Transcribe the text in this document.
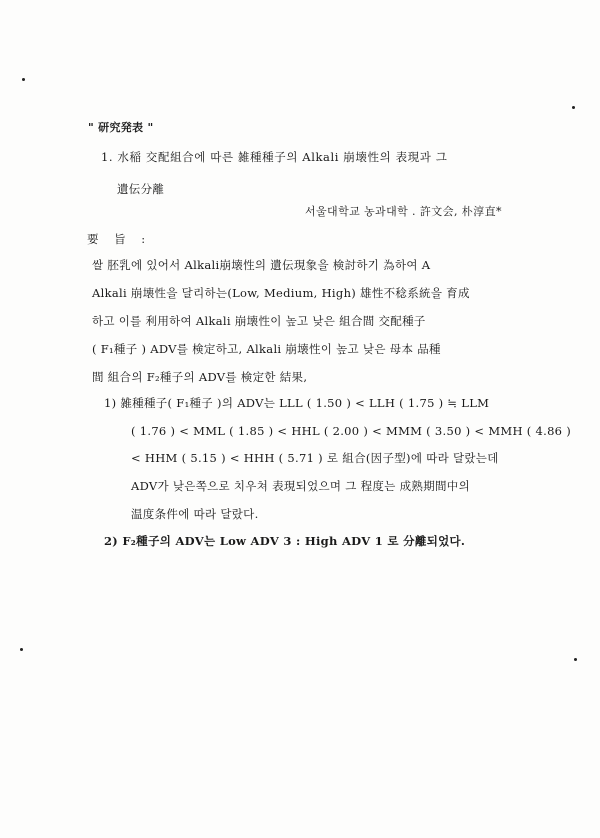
" 研究発表 "
1. 水稲 交配組合에 따른 雑種種子의 Alkali 崩壊性의 表現과 그
遺伝分離
서울대학교 농과대학 . 許文会, 朴淳直*
要 旨 :
쌀 胚乳에 있어서 Alkali崩壊性의 遺伝現象을 検討하기 為하여 A
Alkali 崩壊性을 달리하는(Low, Medium, High) 雄性不稔系統을 育成
하고 이를 利用하여 Alkali 崩壊性이 높고 낮은 組合間 交配種子
( F₁種子 ) ADV를 検定하고, Alkali 崩壊性이 높고 낮은 母本 品種
間 組合의 F₂種子의 ADV를 検定한 結果,
1) 雑種種子( F₁種子 )의 ADV는 LLL ( 1.50 ) < LLH ( 1.75 ) ≒ LLM
( 1.76 ) < MML ( 1.85 ) < HHL ( 2.00 ) < MMM ( 3.50 ) < MMH ( 4.86 )
< HHM ( 5.15 ) < HHH ( 5.71 ) 로 組合(因子型)에 따라 달랐는데
ADV가 낮은쪽으로 치우쳐 表現되었으며 그 程度는 成熟期間中의
温度条件에 따라 달랐다.
2) F₂種子의 ADV는 Low ADV 3 : High ADV 1 로 分離되었다.
